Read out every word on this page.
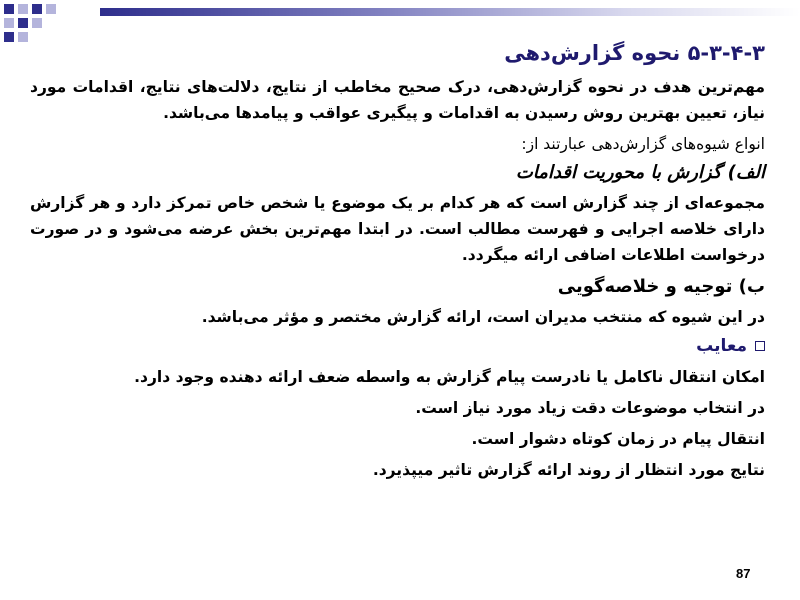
۵-۳-۴-۳ نحوه گزارش‌دهی
مهم‌ترین هدف در نحوه گزارش‌دهی، درک صحیح مخاطب از نتایج، دلالت‌های نتایج، اقدامات مورد نیاز، تعیین بهترین روش رسیدن به اقدامات و پیگیری عواقب و پیامدها می‌باشد.
انواع شیوه‌های گزارش‌دهی عبارتند از:
الف) گزارش با محوریت اقدامات
مجموعه‌ای از چند گزارش است که هر کدام بر یک موضوع یا شخص خاص تمرکز دارد و هر گزارش دارای خلاصه اجرایی و فهرست مطالب است. در ابتدا مهم‌ترین بخش عرضه می‌شود و در صورت درخواست اطلاعات اضافی ارائه میگردد.
ب) توجیه و خلاصه‌گویی
در این شیوه که منتخب مدیران است، ارائه گزارش مختصر و مؤثر می‌باشد.
معایب
امکان انتقال ناکامل یا نادرست پیام گزارش به واسطه ضعف ارائه دهنده وجود دارد.
در انتخاب موضوعات دقت زیاد مورد نیاز است.
انتقال پیام در زمان کوتاه دشوار است.
نتایج مورد انتظار از روند ارائه گزارش تاثیر میپذیرد.
87
